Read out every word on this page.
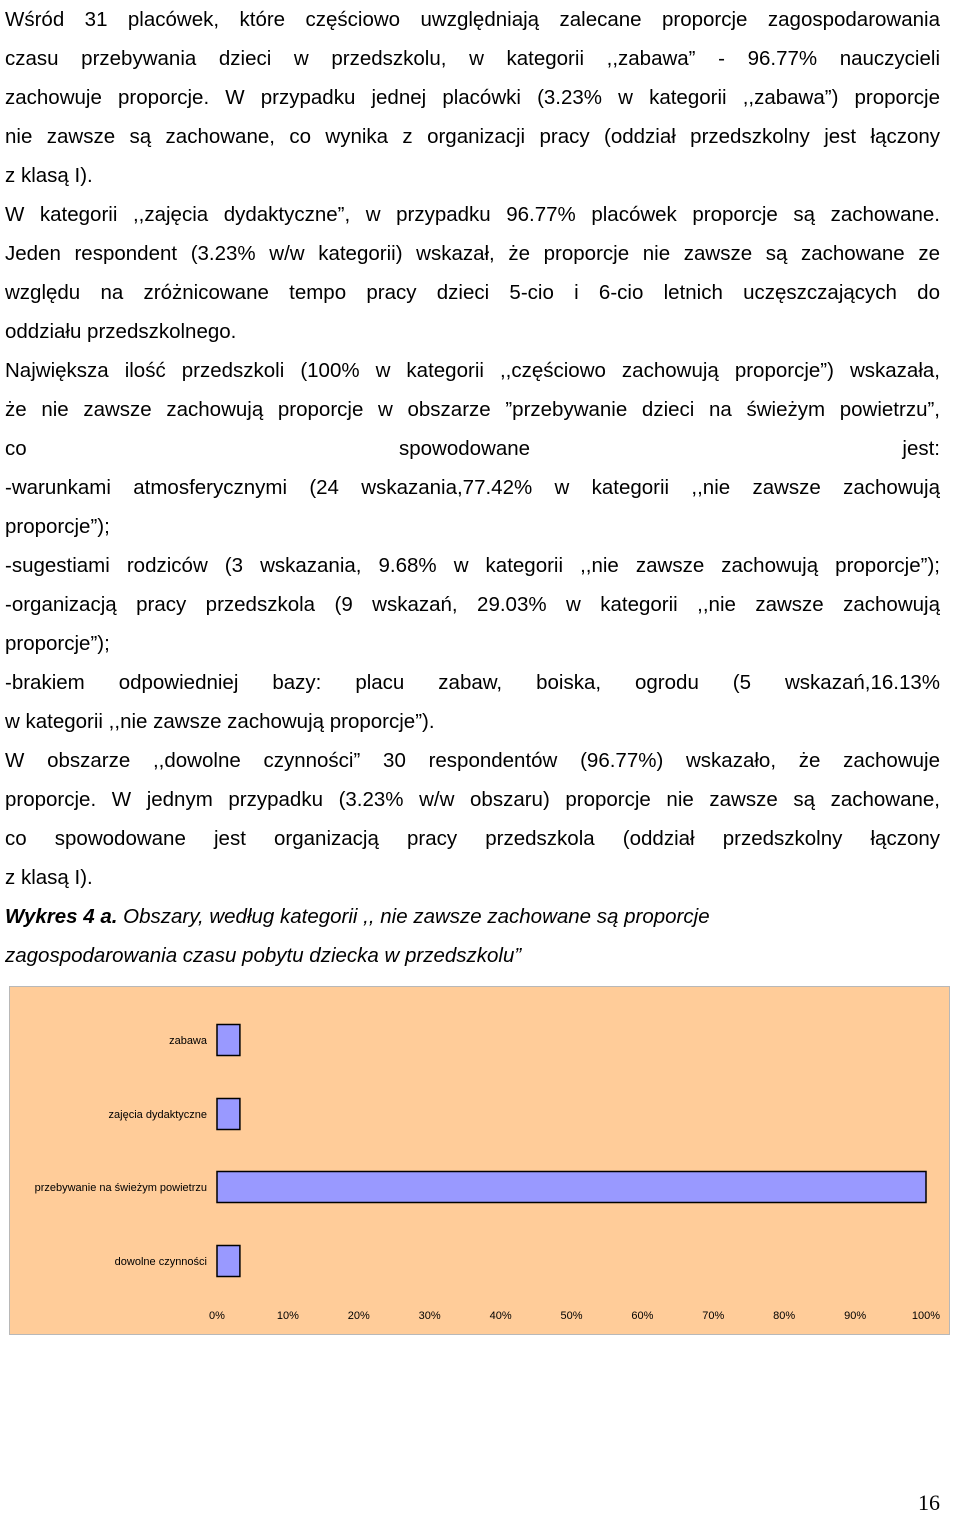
Wśród 31 placówek, które częściowo uwzględniają zalecane proporcje zagospodarowania
czasu przebywania dzieci w przedszkolu, w kategorii ,,zabawa” - 96.77% nauczycieli
zachowuje proporcje. W przypadku jednej placówki (3.23% w kategorii ,,zabawa”) proporcje
nie zawsze są zachowane, co wynika z organizacji pracy (oddział przedszkolny jest łączony
z klasą I).
W kategorii ,,zajęcia dydaktyczne”, w przypadku 96.77% placówek proporcje są zachowane.
Jeden respondent (3.23% w/w kategorii) wskazał, że proporcje nie zawsze są zachowane ze
względu na zróżnicowane tempo pracy dzieci 5-cio i 6-cio letnich uczęszczających do
oddziału przedszkolnego.
Największa ilość przedszkoli (100% w kategorii ,,częściowo zachowują proporcje”) wskazała,
że nie zawsze zachowują proporcje w obszarze ”przebywanie dzieci na świeżym powietrzu”,
co spowodowane jest:
-warunkami atmosferycznymi (24 wskazania,77.42% w kategorii ,,nie zawsze zachowują
proporcje”);
-sugestiami rodziców (3 wskazania, 9.68% w kategorii ,,nie zawsze zachowują proporcje”);
-organizacją pracy przedszkola (9 wskazań, 29.03% w kategorii ,,nie zawsze zachowują
proporcje”);
-brakiem odpowiedniej bazy: placu zabaw, boiska, ogrodu (5 wskazań,16.13%
w kategorii ,,nie zawsze zachowują proporcje”).
W obszarze ,,dowolne czynności” 30 respondentów (96.77%) wskazało, że zachowuje
proporcje. W jednym przypadku (3.23% w/w obszaru) proporcje nie zawsze są zachowane,
co spowodowane jest organizacją pracy przedszkola (oddział przedszkolny łączony
z klasą I).
Wykres 4 a. Obszary, według kategorii ,, nie zawsze zachowane są proporcje
zagospodarowania czasu pobytu dziecka w przedszkolu”
zabawa
zajęcia dydaktyczne
przebywanie na świeżym powietrzu
dowolne czynności
0%	10%	20%	30%	40%	50%	60%	70%	80%	90%	100%
16
